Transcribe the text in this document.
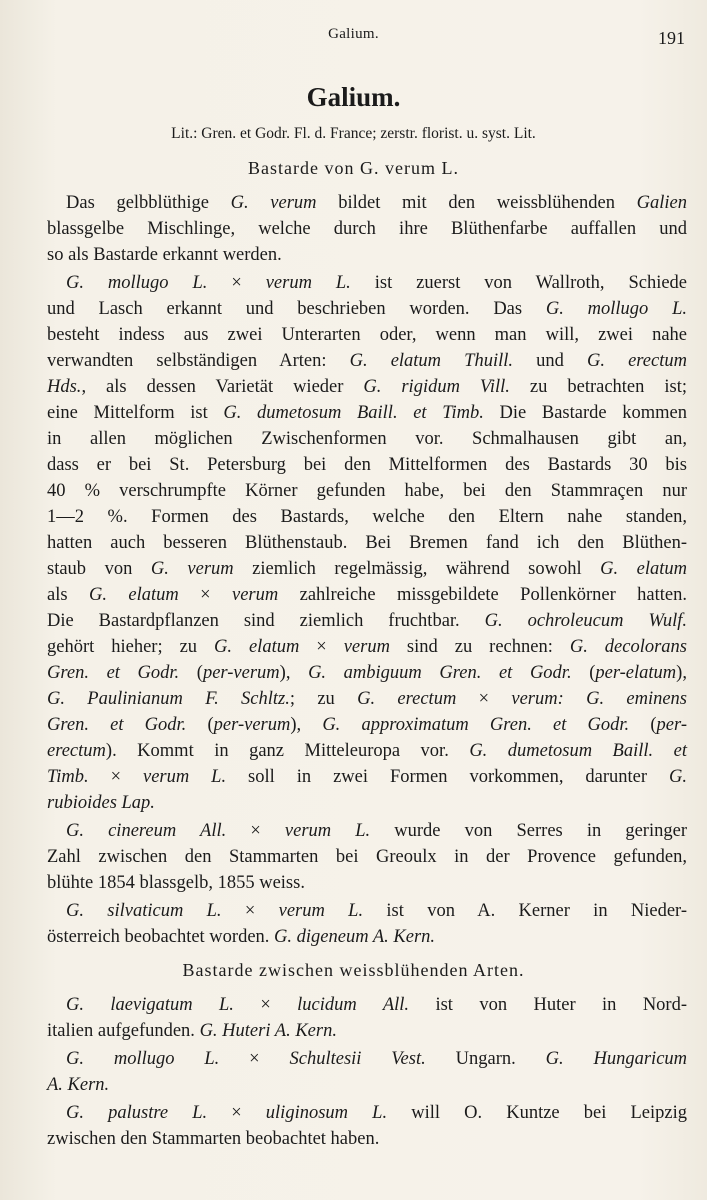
Galium.	191
Galium.
Lit.: Gren. et Godr. Fl. d. France; zerstr. florist. u. syst. Lit.
Bastarde von G. verum L.
Das gelbblüthige G. verum bildet mit den weissblühenden Galien
blassgelbe Mischlinge, welche durch ihre Blüthenfarbe auffallen und
so als Bastarde erkannt werden.
G. mollugo L. × verum L. ist zuerst von Wallroth, Schiede
und Lasch erkannt und beschrieben worden. Das G. mollugo L.
besteht indess aus zwei Unterarten oder, wenn man will, zwei nahe
verwandten selbständigen Arten: G. elatum Thuill. und G. erectum
Hds., als dessen Varietät wieder G. rigidum Vill. zu betrachten ist;
eine Mittelform ist G. dumetosum Baill. et Timb. Die Bastarde kommen
in allen möglichen Zwischenformen vor. Schmalhausen gibt an,
dass er bei St. Petersburg bei den Mittelformen des Bastards 30 bis
40 % verschrumpfte Körner gefunden habe, bei den Stammraçen nur
1—2 %. Formen des Bastards, welche den Eltern nahe standen,
hatten auch besseren Blüthenstaub. Bei Bremen fand ich den Blüthen-
staub von G. verum ziemlich regelmässig, während sowohl G. elatum
als G. elatum × verum zahlreiche missgebildete Pollenkörner hatten.
Die Bastardpflanzen sind ziemlich fruchtbar. G. ochroleucum Wulf.
gehört hieher; zu G. elatum × verum sind zu rechnen: G. decolorans
Gren. et Godr. (per-verum), G. ambiguum Gren. et Godr. (per-elatum),
G. Paulinianum F. Schltz.; zu G. erectum × verum: G. eminens
Gren. et Godr. (per-verum), G. approximatum Gren. et Godr. (per-
erectum). Kommt in ganz Mitteleuropa vor. G. dumetosum Baill. et
Timb. × verum L. soll in zwei Formen vorkommen, darunter G.
rubioides Lap.
G. cinereum All. × verum L. wurde von Serres in geringer
Zahl zwischen den Stammarten bei Greoulx in der Provence gefunden,
blühte 1854 blassgelb, 1855 weiss.
G. silvaticum L. × verum L. ist von A. Kerner in Nieder-
österreich beobachtet worden. G. digeneum A. Kern.
Bastarde zwischen weissblühenden Arten.
G. laevigatum L. × lucidum All. ist von Huter in Nord-
italien aufgefunden. G. Huteri A. Kern.
G. mollugo L. × Schultesii Vest. Ungarn. G. Hungaricum
A. Kern.
G. palustre L. × uliginosum L. will O. Kuntze bei Leipzig
zwischen den Stammarten beobachtet haben.
